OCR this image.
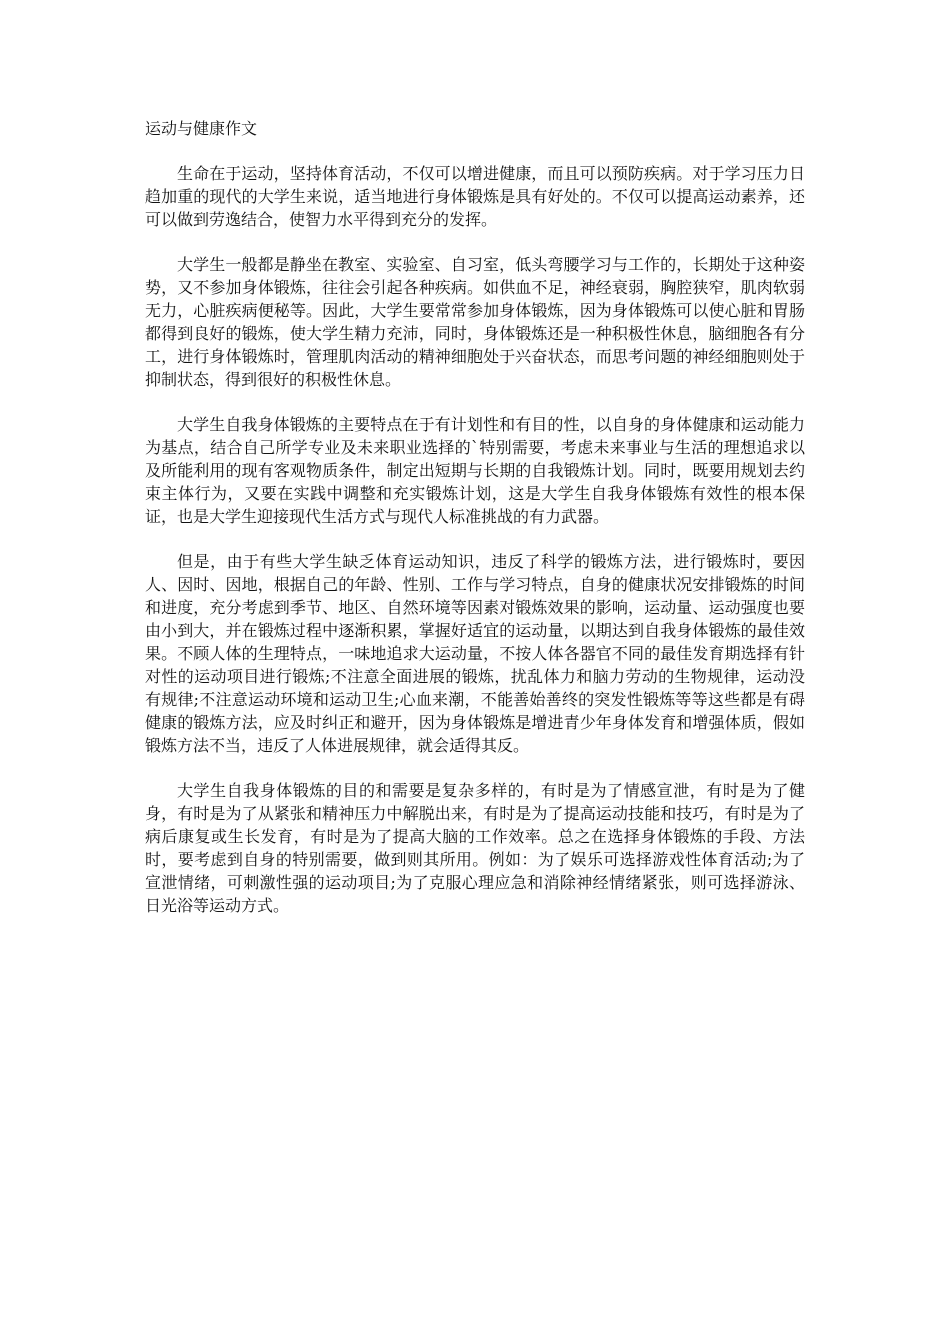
运动与健康作文

生命在于运动，坚持体育活动，不仅可以增进健康，而且可以预防疾病。对于学习压力日趋加重的现代的大学生来说，适当地进行身体锻炼是具有好处的。不仅可以提高运动素养，还可以做到劳逸结合，使智力水平得到充分的发挥。

大学生一般都是静坐在教室、实验室、自习室，低头弯腰学习与工作的，长期处于这种姿势，又不参加身体锻炼，往往会引起各种疾病。如供血不足，神经衰弱，胸腔狭窄，肌肉软弱无力，心脏疾病便秘等。因此，大学生要常常参加身体锻炼，因为身体锻炼可以使心脏和胃肠都得到良好的锻炼，使大学生精力充沛，同时，身体锻炼还是一种积极性休息，脑细胞各有分工，进行身体锻炼时，管理肌肉活动的精神细胞处于兴奋状态，而思考问题的神经细胞则处于抑制状态，得到很好的积极性休息。

大学生自我身体锻炼的主要特点在于有计划性和有目的性，以自身的身体健康和运动能力为基点，结合自己所学专业及未来职业选择的`特别需要，考虑未来事业与生活的理想追求以及所能利用的现有客观物质条件，制定出短期与长期的自我锻炼计划。同时，既要用规划去约束主体行为，又要在实践中调整和充实锻炼计划，这是大学生自我身体锻炼有效性的根本保证，也是大学生迎接现代生活方式与现代人标准挑战的有力武器。

但是，由于有些大学生缺乏体育运动知识，违反了科学的锻炼方法，进行锻炼时，要因人、因时、因地，根据自己的年龄、性别、工作与学习特点，自身的健康状况安排锻炼的时间和进度，充分考虑到季节、地区、自然环境等因素对锻炼效果的影响，运动量、运动强度也要由小到大，并在锻炼过程中逐渐积累，掌握好适宜的运动量，以期达到自我身体锻炼的最佳效果。不顾人体的生理特点，一味地追求大运动量，不按人体各器官不同的最佳发育期选择有针对性的运动项目进行锻炼;不注意全面进展的锻炼，扰乱体力和脑力劳动的生物规律，运动没有规律;不注意运动环境和运动卫生;心血来潮，不能善始善终的突发性锻炼等等这些都是有碍健康的锻炼方法，应及时纠正和避开，因为身体锻炼是增进青少年身体发育和增强体质，假如锻炼方法不当，违反了人体进展规律，就会适得其反。

大学生自我身体锻炼的目的和需要是复杂多样的，有时是为了情感宣泄，有时是为了健身，有时是为了从紧张和精神压力中解脱出来，有时是为了提高运动技能和技巧，有时是为了病后康复或生长发育，有时是为了提高大脑的工作效率。总之在选择身体锻炼的手段、方法时，要考虑到自身的特别需要，做到则其所用。例如：为了娱乐可选择游戏性体育活动;为了宣泄情绪，可刺激性强的运动项目;为了克服心理应急和消除神经情绪紧张，则可选择游泳、日光浴等运动方式。
